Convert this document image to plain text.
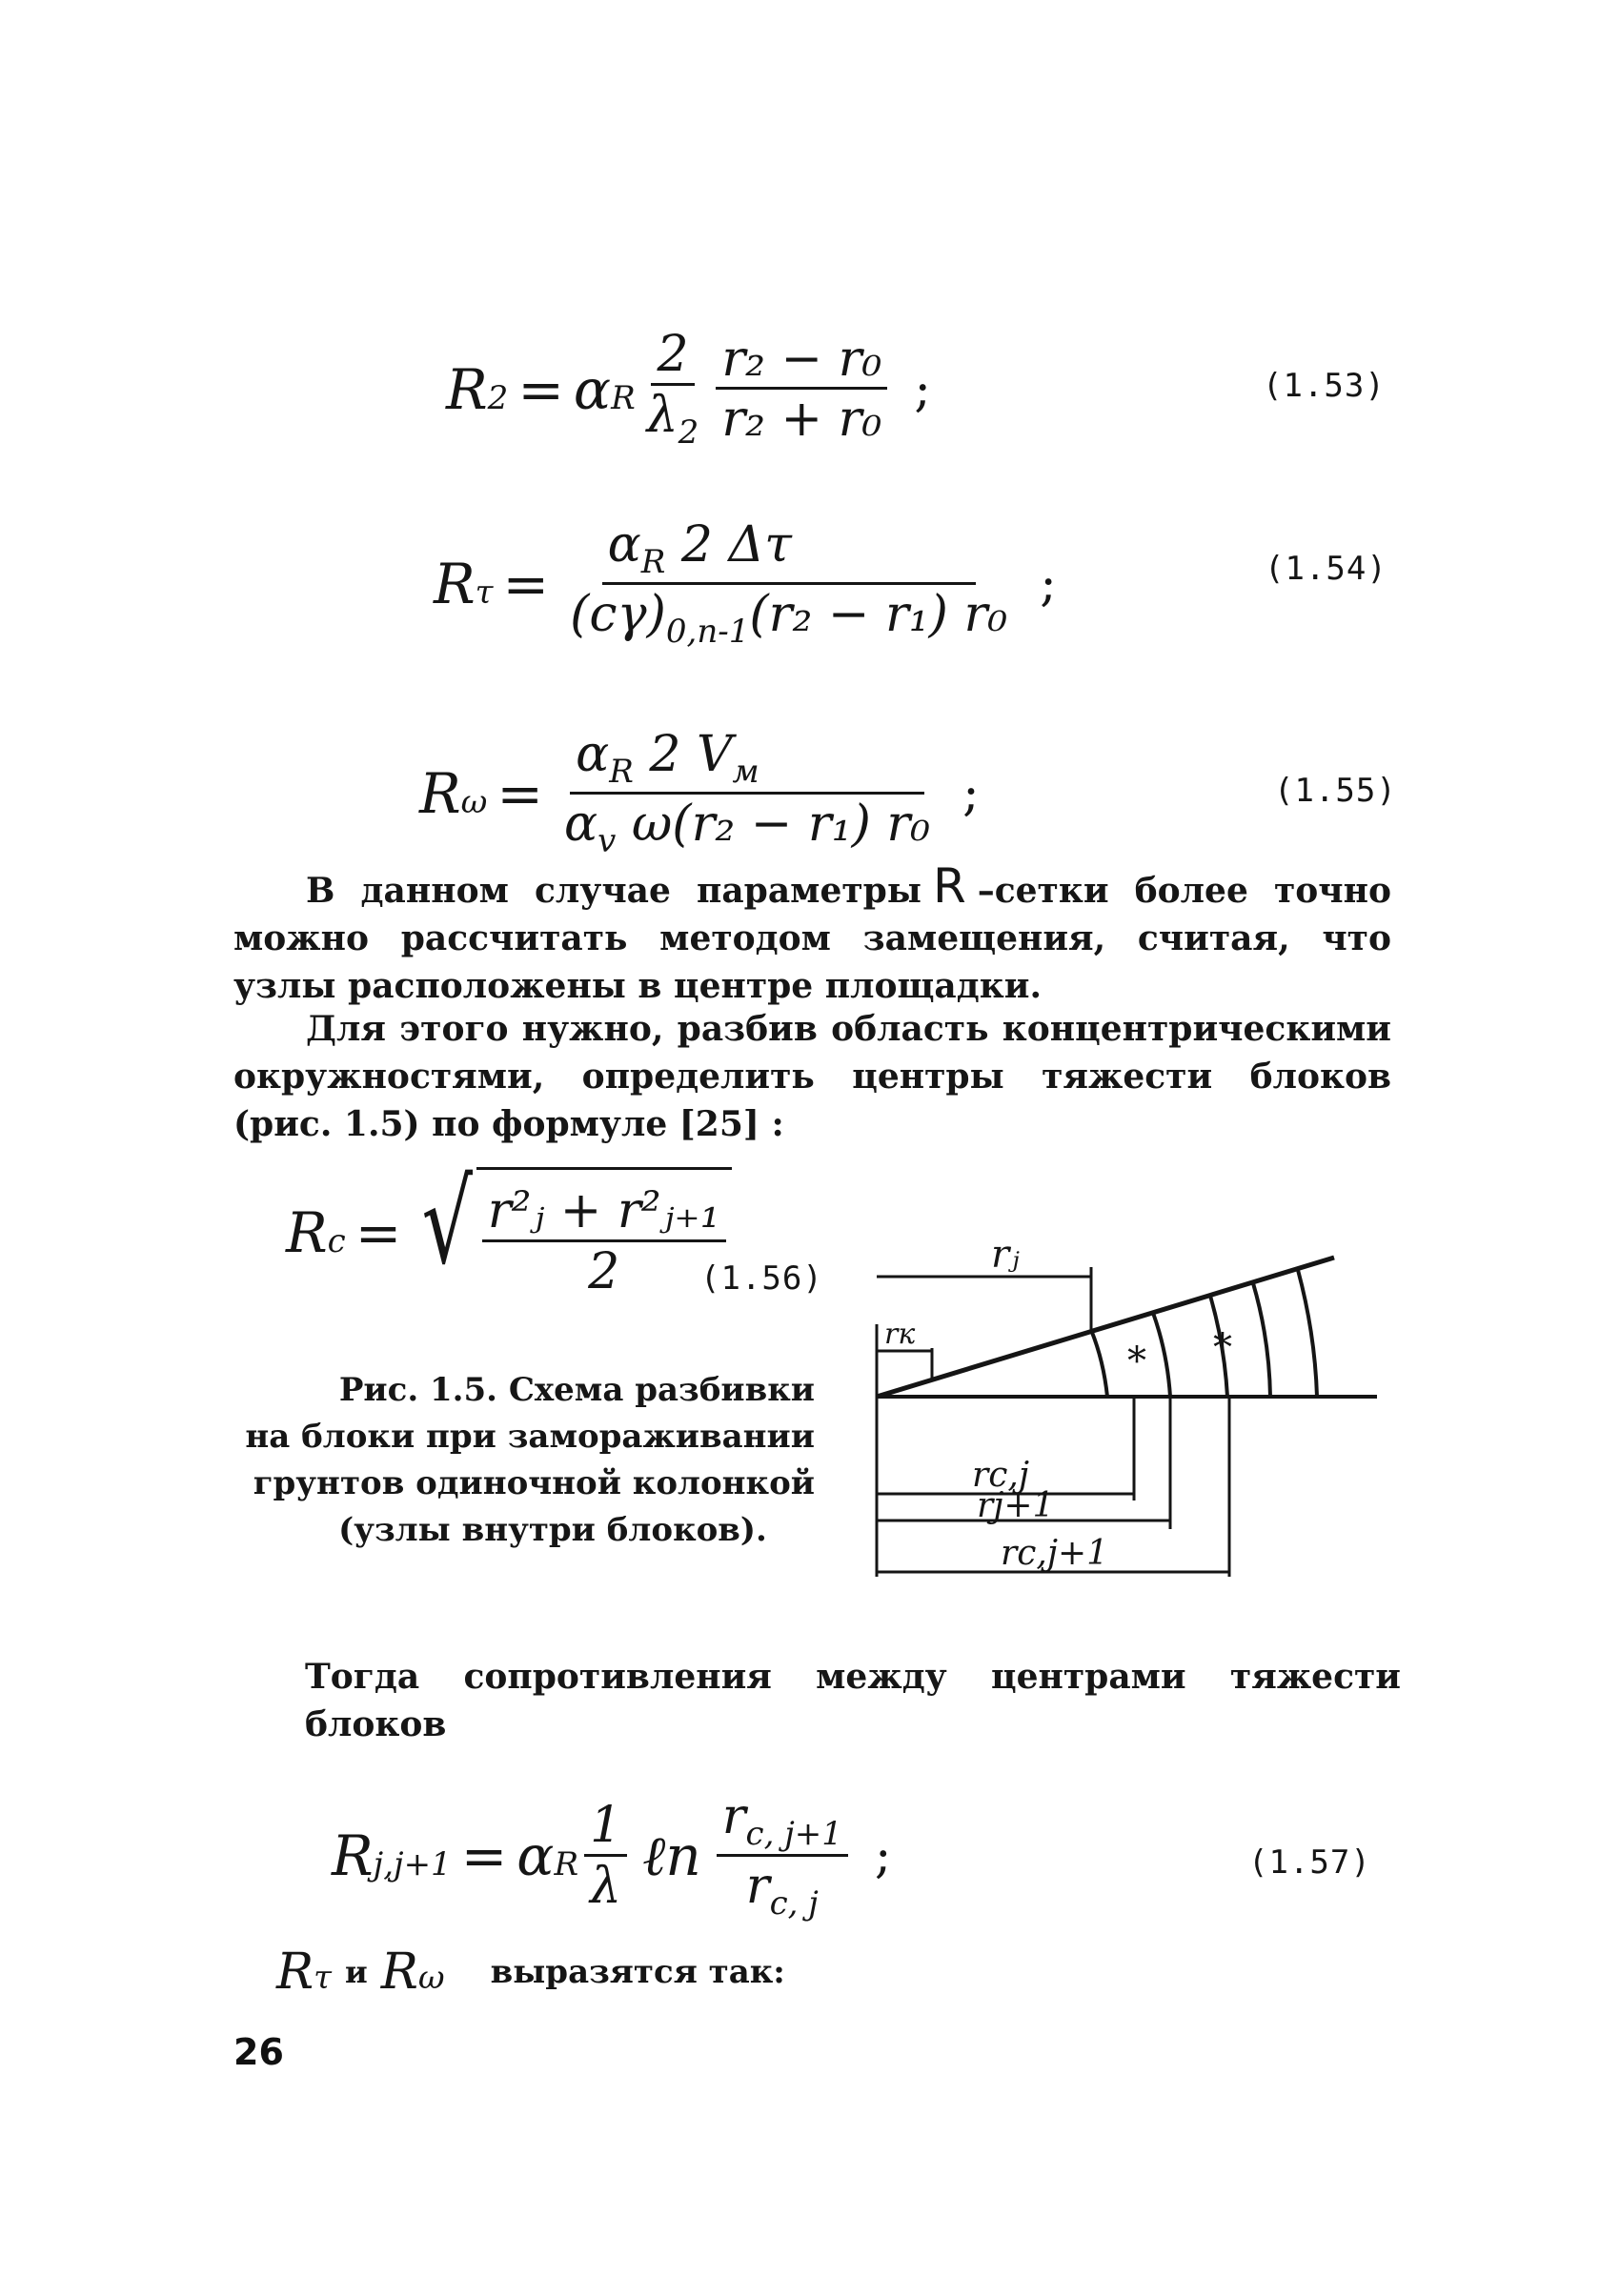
R 2 = α R $\frac{2}{\lambda_2} \frac{\text{r₂ − r₀}}{\text{r₂ + r₀}}$ ;	(1.53)
R $\tau = \frac{\alpha_R 2 \Delta\tau}{(c\gamma)_{0,n-1}(r_2 - r_1) r_0}$ ;	(1.54)
R $\omega = \frac{\alpha_R 2 V_м}{\alpha_v \omega(r_2 - r_1) r_0}$ ;	(1.55)

В данном случае параметры R –сетки более точно можно рассчитать методом замещения, считая, что узлы расположены в центре площадки.

Для этого нужно, разбив область концентрическими окружностями, определить центры тяжести блоков (рис. 1.5) по формуле [25] :

R c = √ $\frac{\text{r²ⱼ + r²ⱼ₊₁}}{2}$
(1.56)
Рис. 1.5. Схема разбивки
на блоки при замораживании
грунтов одиночной колонкой
(узлы внутри блоков).
rⱼ
rк
rc,j
rj+1
rc,j+1
* *

Тогда сопротивления между центрами тяжести блоков

R j,j+1 = α R $\frac{1}{\lambda}$ ℓn $\frac{r_{c, j+1}}{r_{c, j}}$ ;	(1.57)
R τ и R ω выразятся так:
26
